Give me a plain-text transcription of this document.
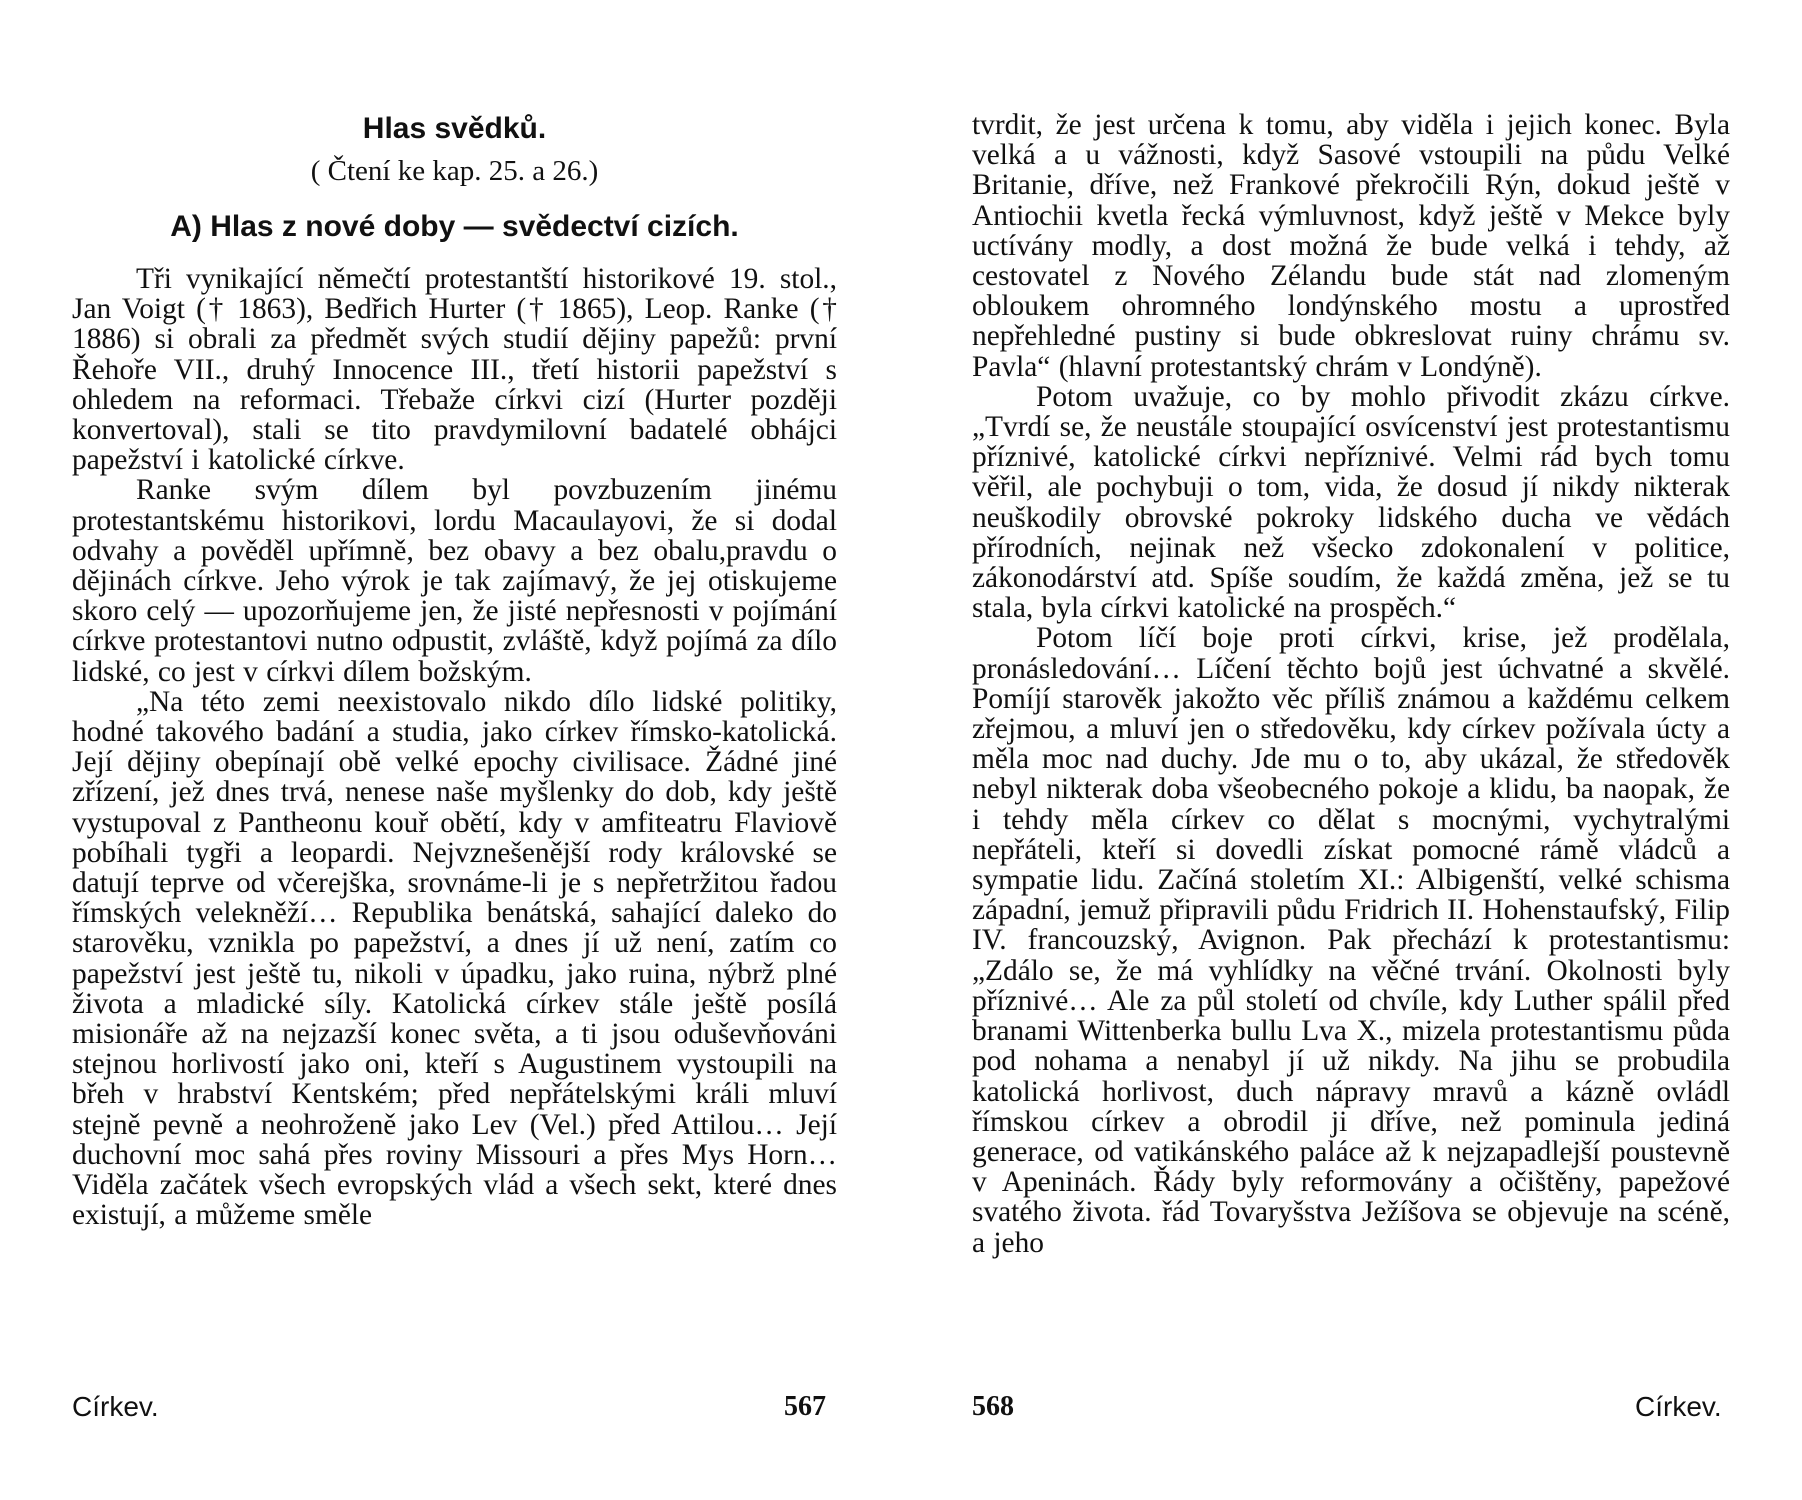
Hlas svědků.
( Čtení ke kap. 25. a 26.)
A) Hlas z nové doby — svědectví cizích.

Tři vynikající němečtí protestantští historikové 19. stol., Jan Voigt († 1863), Bedřich Hurter († 1865), Leop. Ranke († 1886) si obrali za předmět svých studií dějiny papežů: první Řehoře VII., druhý Innocence III., třetí historii papežství s ohledem na reformaci. Třebaže církvi cizí (Hurter později konvertoval), stali se tito pravdymilovní badatelé obhájci papežství i katolické církve.

Ranke svým dílem byl povzbuzením jinému protestantskému historikovi, lordu Macaulayovi, že si dodal odvahy a pověděl upřímně, bez obavy a bez obalu,pravdu o dějinách církve. Jeho výrok je tak zajímavý, že jej otiskujeme skoro celý — upozorňujeme jen, že jisté nepřesnosti v pojímání církve protestantovi nutno odpustit, zvláště, když pojímá za dílo lidské, co jest v církvi dílem božským.

„Na této zemi neexistovalo nikdo dílo lidské politiky, hodné takového badání a studia, jako církev římsko-katolická. Její dějiny obepínají obě velké epochy civilisace. Žádné jiné zřízení, jež dnes trvá, nenese naše myšlenky do dob, kdy ještě vystupoval z Pantheonu kouř obětí, kdy v amfiteatru Flaviově pobíhali tygři a leopardi. Nejvznešenější rody královské se datují teprve od včerejška, srovnáme-li je s nepřetržitou řadou římských velekněží… Republika benátská, sahající daleko do starověku, vznikla po papežství, a dnes jí už není, zatím co papežství jest ještě tu, nikoli v úpadku, jako ruina, nýbrž plné života a mladické síly. Katolická církev stále ještě posílá misionáře až na nejzazší konec světa, a ti jsou oduševňováni stejnou horlivostí jako oni, kteří s Augustinem vystoupili na břeh v hrabství Kentském; před nepřátelskými králi mluví stejně pevně a neohroženě jako Lev (Vel.) před Attilou… Její duchovní moc sahá přes roviny Missouri a přes Mys Horn… Viděla začátek všech evropských vlád a všech sekt, které dnes existují, a můžeme směle

Církev.	567

tvrdit, že jest určena k tomu, aby viděla i jejich konec. Byla velká a u vážnosti, když Sasové vstoupili na půdu Velké Britanie, dříve, než Frankové překročili Rýn, dokud ještě v Antiochii kvetla řecká výmluvnost, když ještě v Mekce byly uctívány modly, a dost možná že bude velká i tehdy, až cestovatel z Nového Zélandu bude stát nad zlomeným obloukem ohromného londýnského mostu a uprostřed nepřehledné pustiny si bude obkreslovat ruiny chrámu sv. Pavla“ (hlavní protestantský chrám v Londýně).

Potom uvažuje, co by mohlo přivodit zkázu církve. „Tvrdí se, že neustále stoupající osvícenství jest protestantismu příznivé, katolické církvi nepříznivé. Velmi rád bych tomu věřil, ale pochybuji o tom, vida, že dosud jí nikdy nikterak neuškodily obrovské pokroky lidského ducha ve vědách přírodních, nejinak než všecko zdokonalení v politice, zákonodárství atd. Spíše soudím, že každá změna, jež se tu stala, byla církvi katolické na prospěch.“

Potom líčí boje proti církvi, krise, jež prodělala, pronásledování… Líčení těchto bojů jest úchvatné a skvělé. Pomíjí starověk jakožto věc příliš známou a každému celkem zřejmou, a mluví jen o středověku, kdy církev požívala úcty a měla moc nad duchy. Jde mu o to, aby ukázal, že středověk nebyl nikterak doba všeobecného pokoje a klidu, ba naopak, že i tehdy měla církev co dělat s mocnými, vychytralými nepřáteli, kteří si dovedli získat pomocné rámě vládců a sympatie lidu. Začíná stoletím XI.: Albigenští, velké schisma západní, jemuž připravili půdu Fridrich II. Hohenstaufský, Filip IV. francouzský, Avignon. Pak přechází k protestantismu: „Zdálo se, že má vyhlídky na věčné trvání. Okolnosti byly příznivé… Ale za půl století od chvíle, kdy Luther spálil před branami Wittenberka bullu Lva X., mizela protestantismu půda pod nohama a nenabyl jí už nikdy. Na jihu se probudila katolická horlivost, duch nápravy mravů a kázně ovládl římskou církev a obrodil ji dříve, než pominula jediná generace, od vatikánského paláce až k nejzapadlejší poustevně v Apeninách. Řády byly reformovány a očištěny, papežové svatého života. řád Tovaryšstva Ježíšova se objevuje na scéně, a jeho

568	Církev.
